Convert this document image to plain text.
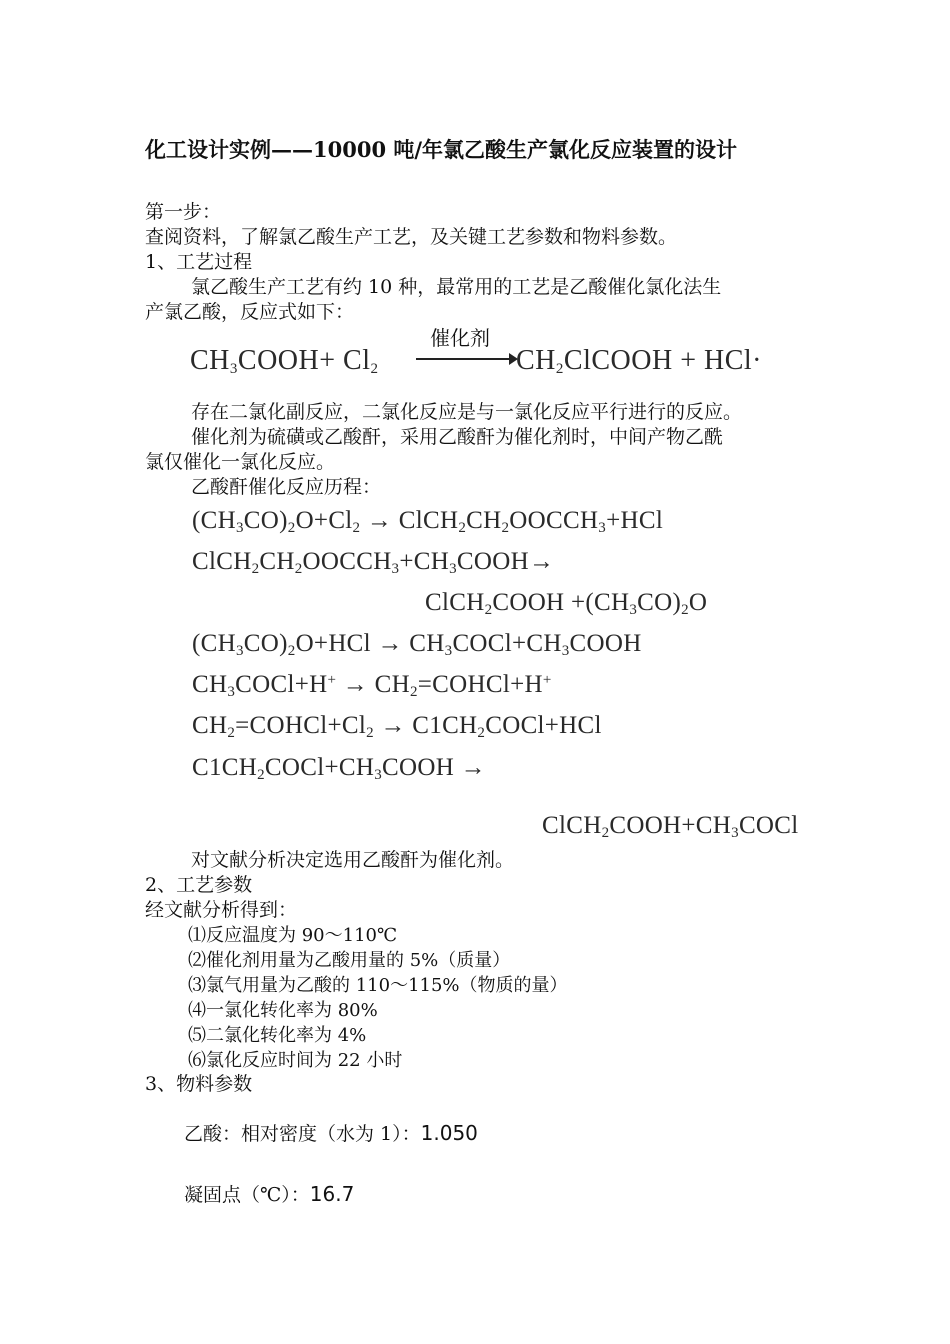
化工设计实例——10000 吨/年氯乙酸生产氯化反应装置的设计
第一步：
查阅资料，了解氯乙酸生产工艺，及关键工艺参数和物料参数。
1、工艺过程
氯乙酸生产工艺有约 10 种，最常用的工艺是乙酸催化氯化法生
产氯乙酸，反应式如下：
催化剂
$CH_3COOH+ Cl_2$	$CH_2ClCOOH + HCl\cdot$
存在二氯化副反应，二氯化反应是与一氯化反应平行进行的反应。
催化剂为硫磺或乙酸酐，采用乙酸酐为催化剂时，中间产物乙酰
氯仅催化一氯化反应。
乙酸酐催化反应历程：
$(CH_3CO)_2O+Cl_2$ → $ClCH_2CH_2OOCCH_3+HCl$
$ClCH_2CH_2OOCCH_3+CH_3COOH\to$
ClCH$_2$COOH $+(CH_3CO)_2O$
$(CH_3CO)_2O+HCl$ → $CH_3COCl+CH_3COOH$
$CH_3COCl+H^+$ → $CH_2=COHCl+H^+$
$CH_2=COHCl+Cl_2$ → $C1CH_2COCl+HCl$
$C1CH_2COCl+CH_3COOH$ →
$ClCH_2COOH+CH_3COCl$
对文献分析决定选用乙酸酐为催化剂。
2、工艺参数
经文献分析得到：
⑴反应温度为 90～110℃
⑵催化剂用量为乙酸用量的 5%（质量）
⑶氯气用量为乙酸的 110～115%（物质的量）
⑷一氯化转化率为 80%
⑸二氯化转化率为 4%
⑹氯化反应时间为 22 小时
3、物料参数
乙酸：相对密度（水为 1）：1.050
凝固点（℃）：16.7
